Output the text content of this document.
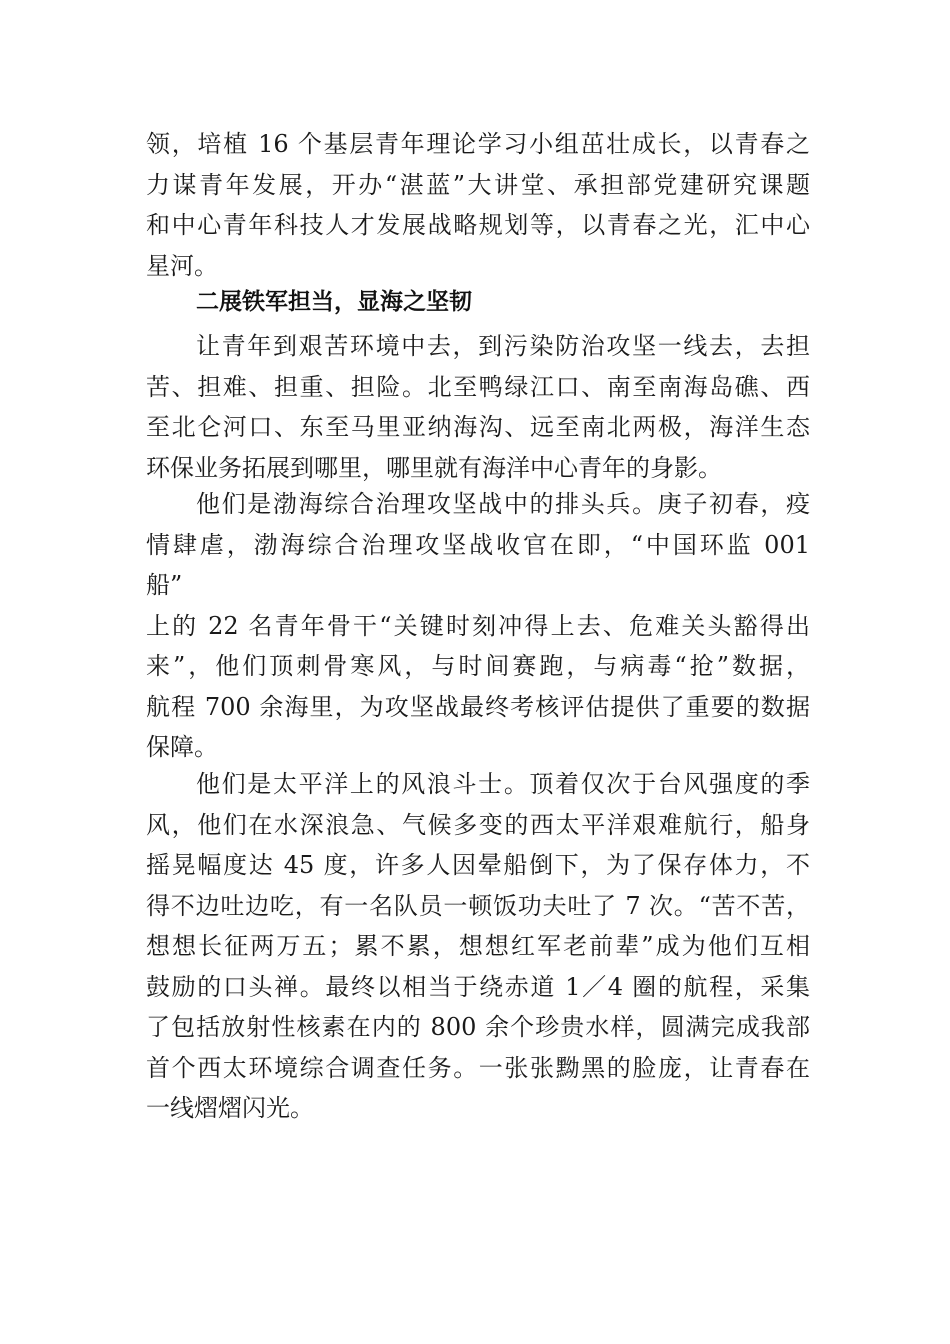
领，培植 16 个基层青年理论学习小组茁壮成长，以青春之
力谋青年发展，开办“湛蓝”大讲堂、承担部党建研究课题
和中心青年科技人才发展战略规划等，以青春之光，汇中心
星河。
二展铁军担当，显海之坚韧
让青年到艰苦环境中去，到污染防治攻坚一线去，去担
苦、担难、担重、担险。北至鸭绿江口、南至南海岛礁、西
至北仑河口、东至马里亚纳海沟、远至南北两极，海洋生态
环保业务拓展到哪里，哪里就有海洋中心青年的身影。
他们是渤海综合治理攻坚战中的排头兵。庚子初春，疫
情肆虐，渤海综合治理攻坚战收官在即，“中国环监 001
船”
上的 22 名青年骨干“关键时刻冲得上去、危难关头豁得出
来”，他们顶刺骨寒风，与时间赛跑，与病毒“抢”数据，
航程 700 余海里，为攻坚战最终考核评估提供了重要的数据
保障。
他们是太平洋上的风浪斗士。顶着仅次于台风强度的季
风，他们在水深浪急、气候多变的西太平洋艰难航行，船身
摇晃幅度达 45 度，许多人因晕船倒下，为了保存体力，不
得不边吐边吃，有一名队员一顿饭功夫吐了 7 次。“苦不苦，
想想长征两万五；累不累，想想红军老前辈”成为他们互相
鼓励的口头禅。最终以相当于绕赤道 1／4 圈的航程，采集
了包括放射性核素在内的 800 余个珍贵水样，圆满完成我部
首个西太环境综合调查任务。一张张黝黑的脸庞，让青春在
一线熠熠闪光。
